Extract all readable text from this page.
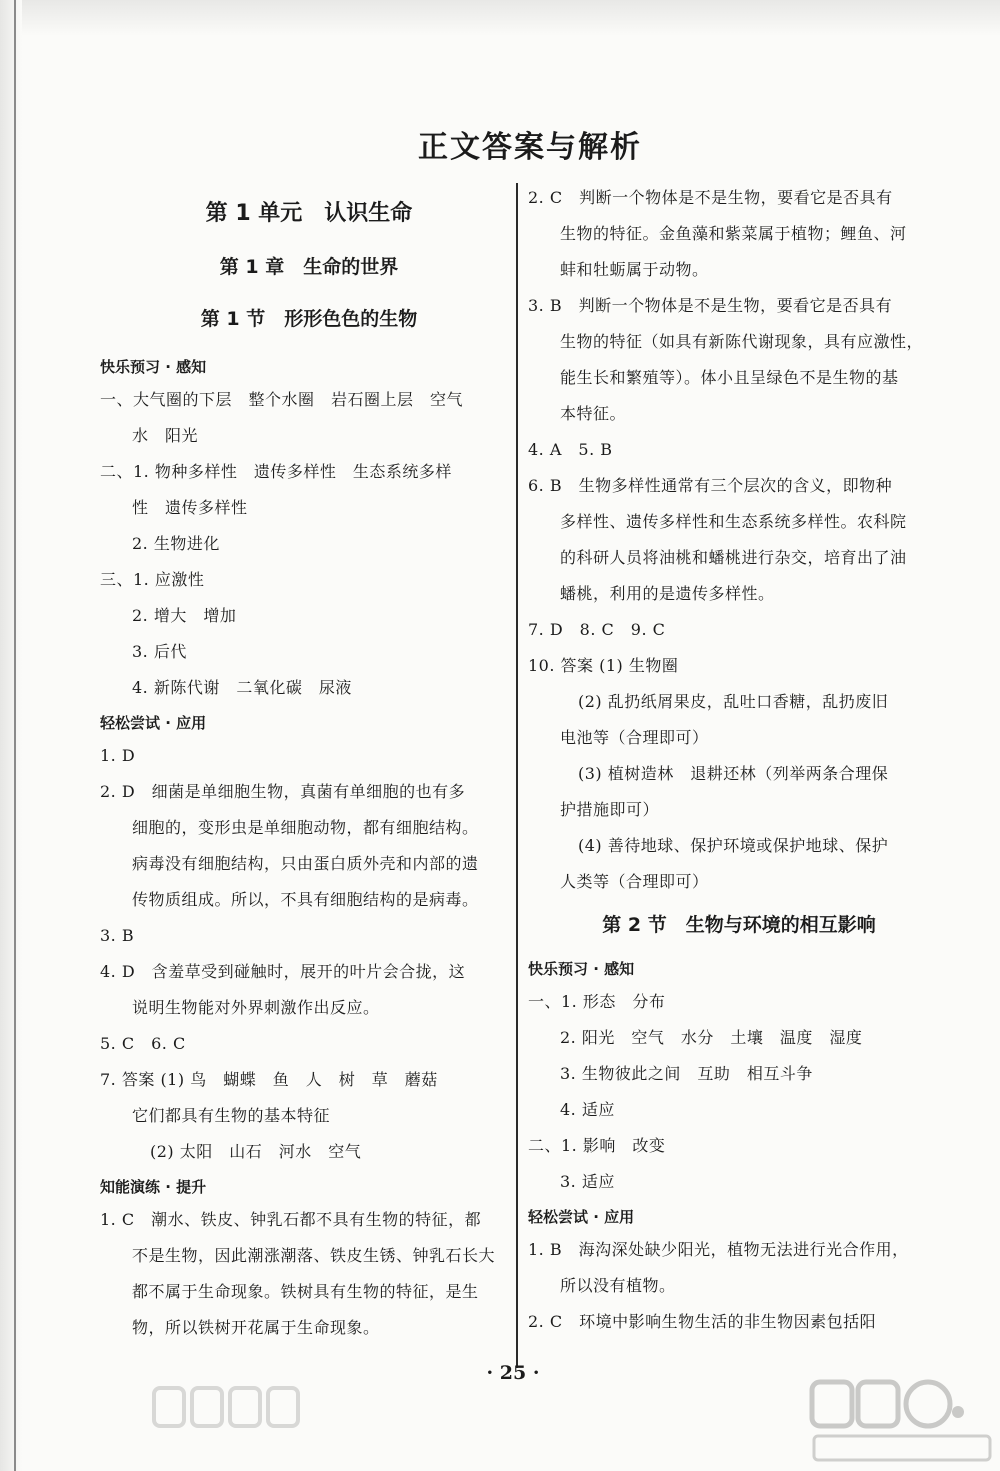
正文答案与解析
第 1 单元　认识生命
第 1 章　生命的世界
第 1 节　形形色色的生物
快乐预习 · 感知
一、大气圈的下层　整个水圈　岩石圈上层　空气
水　阳光
二、1. 物种多样性　遗传多样性　生态系统多样
性　遗传多样性
2. 生物进化
三、1. 应激性
2. 增大　增加
3. 后代
4. 新陈代谢　二氧化碳　尿液
轻松尝试 · 应用
1. D
2. D　细菌是单细胞生物，真菌有单细胞的也有多
细胞的，变形虫是单细胞动物，都有细胞结构。
病毒没有细胞结构，只由蛋白质外壳和内部的遗
传物质组成。所以，不具有细胞结构的是病毒。
3. B
4. D　含羞草受到碰触时，展开的叶片会合拢，这
说明生物能对外界刺激作出反应。
5. C　6. C
7. 答案 (1) 鸟　蝴蝶　鱼　人　树　草　蘑菇
它们都具有生物的基本特征
(2) 太阳　山石　河水　空气
知能演练 · 提升
1. C　潮水、铁皮、钟乳石都不具有生物的特征，都
不是生物，因此潮涨潮落、铁皮生锈、钟乳石长大
都不属于生命现象。铁树具有生物的特征，是生
物，所以铁树开花属于生命现象。
2. C　判断一个物体是不是生物，要看它是否具有
生物的特征。金鱼藻和紫菜属于植物；鲤鱼、河
蚌和牡蛎属于动物。
3. B　判断一个物体是不是生物，要看它是否具有
生物的特征（如具有新陈代谢现象，具有应激性，
能生长和繁殖等）。体小且呈绿色不是生物的基
本特征。
4. A　5. B
6. B　生物多样性通常有三个层次的含义，即物种
多样性、遗传多样性和生态系统多样性。农科院
的科研人员将油桃和蟠桃进行杂交，培育出了油
蟠桃，利用的是遗传多样性。
7. D　8. C　9. C
10. 答案 (1) 生物圈
(2) 乱扔纸屑果皮，乱吐口香糖，乱扔废旧
电池等（合理即可）
(3) 植树造林　退耕还林（列举两条合理保
护措施即可）
(4) 善待地球、保护环境或保护地球、保护
人类等（合理即可）
第 2 节　生物与环境的相互影响
快乐预习 · 感知
一、1. 形态　分布
2. 阳光　空气　水分　土壤　温度　湿度
3. 生物彼此之间　互助　相互斗争
4. 适应
二、1. 影响　改变
3. 适应
轻松尝试 · 应用
1. B　海沟深处缺少阳光，植物无法进行光合作用，
所以没有植物。
2. C　环境中影响生物生活的非生物因素包括阳
· 25 ·
